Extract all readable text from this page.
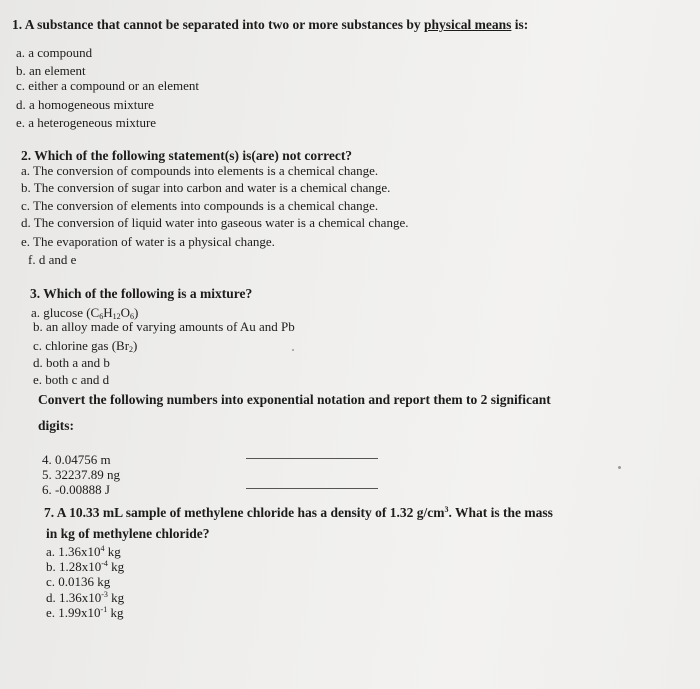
1. A substance that cannot be separated into two or more substances by physical means is:
a. a compound
b. an element
c. either a compound or an element
d. a homogeneous mixture
e. a heterogeneous mixture
2. Which of the following statement(s) is(are) not correct?
a. The conversion of compounds into elements is a chemical change.
b. The conversion of sugar into carbon and water is a chemical change.
c. The conversion of elements into compounds is a chemical change.
d. The conversion of liquid water into gaseous water is a chemical change.
e. The evaporation of water is a physical change.
f. d and e
3. Which of the following is a mixture?
a. glucose $(C_6H_{12}O_6)$
b. an alloy made of varying amounts of Au and Pb
c. chlorine gas $(Br_2)$
d. both a and b
e. both c and d
Convert the following numbers into exponential notation and report them to 2 significant
digits:
4. 0.04756 m
5. 32237.89 ng
6. -0.00888 J
7. A 10.33 mL sample of methylene chloride has a density of 1.32 $g/cm^3$. What is the mass
in kg of methylene chloride?
a. $1.36x10^4$ kg
b. $1.28x10^{-4}$ kg
c. 0.0136 kg
d. $1.36x10^{-3}$ kg
e. $1.99x10^{-1}$ kg
